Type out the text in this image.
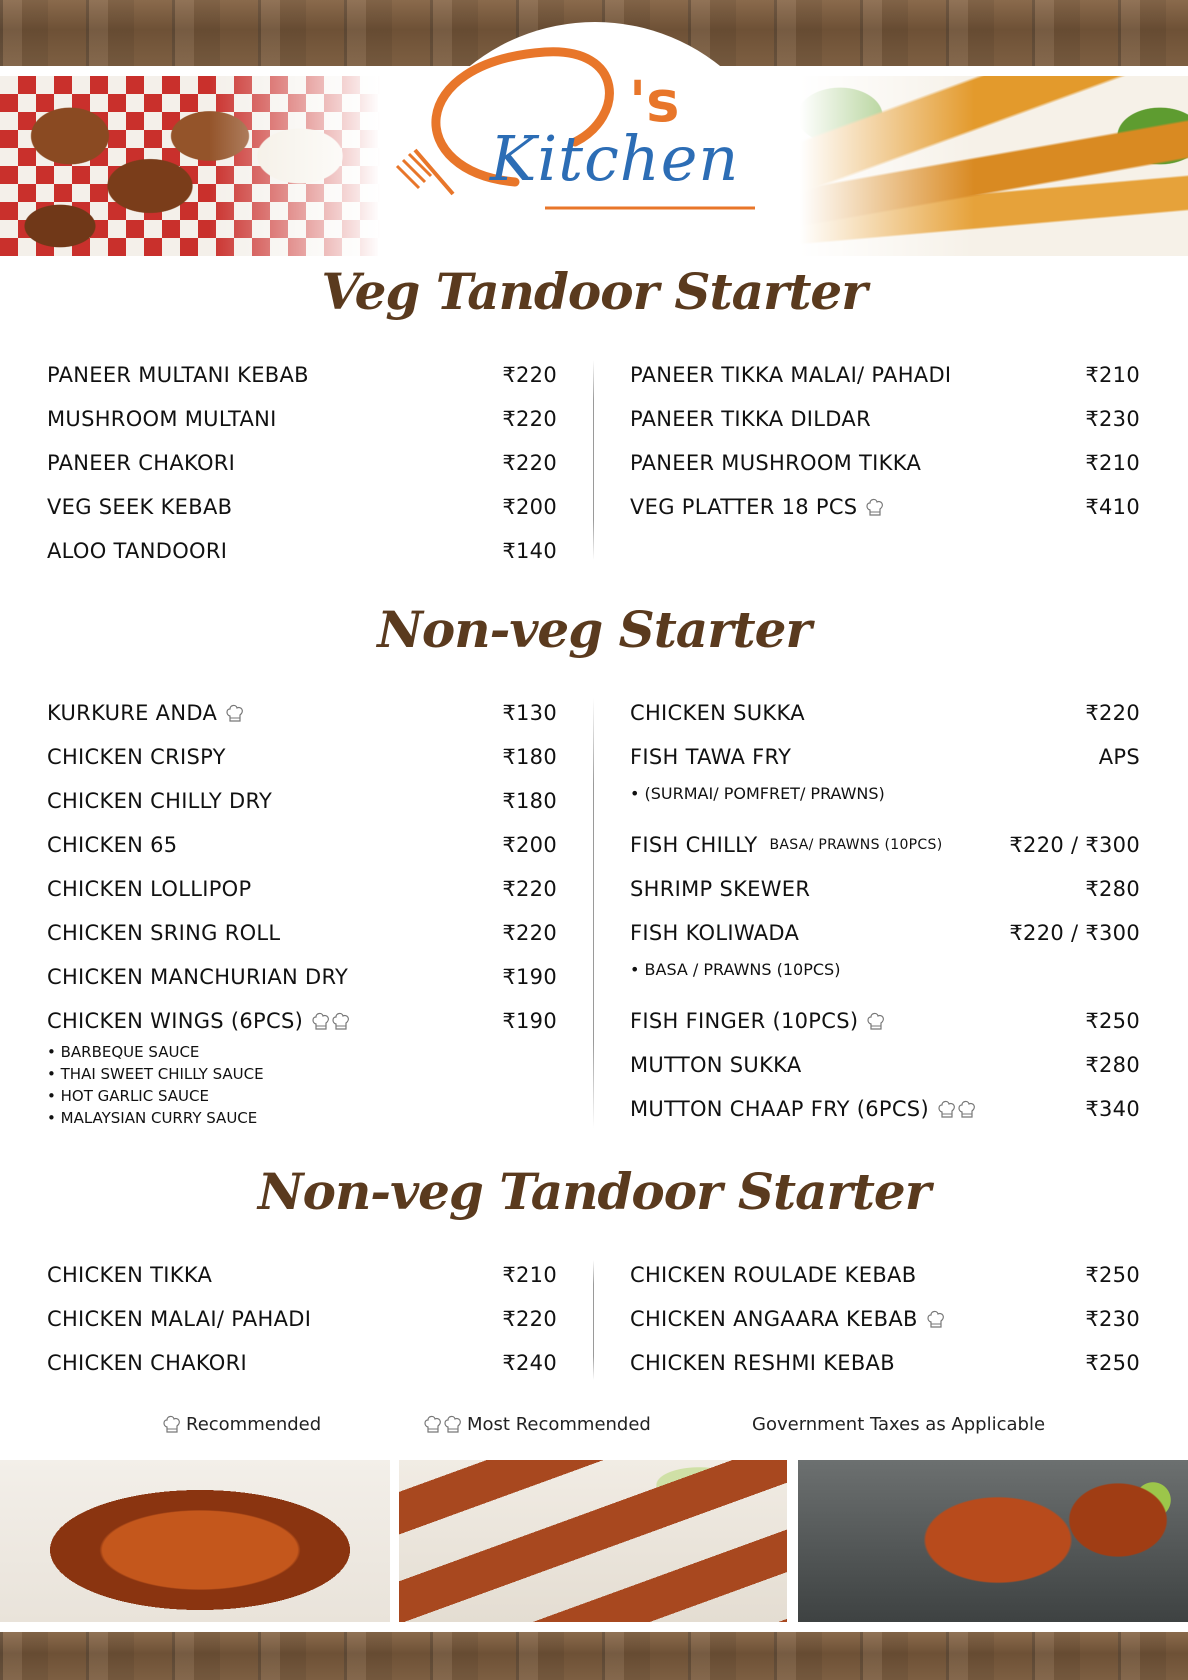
's
Kitchen
Veg Tandoor Starter
PANEER MULTANI KEBAB	₹220
MUSHROOM MULTANI	₹220
PANEER CHAKORI	₹220
VEG SEEK KEBAB	₹200
ALOO TANDOORI	₹140
PANEER TIKKA MALAI/ PAHADI	₹210
PANEER TIKKA DILDAR	₹230
PANEER MUSHROOM TIKKA	₹210
VEG PLATTER 18 PCS	₹410
Non-veg Starter
KURKURE ANDA	₹130
CHICKEN CRISPY	₹180
CHICKEN CHILLY DRY	₹180
CHICKEN 65	₹200
CHICKEN LOLLIPOP	₹220
CHICKEN SRING ROLL	₹220
CHICKEN MANCHURIAN DRY	₹190
CHICKEN WINGS (6PCS)	₹190
• BARBEQUE SAUCE
• THAI SWEET CHILLY SAUCE
• HOT GARLIC SAUCE
• MALAYSIAN CURRY SAUCE
CHICKEN SUKKA	₹220
FISH TAWA FRY	APS
• (SURMAI/ POMFRET/ PRAWNS)
FISH CHILLY BASA/ PRAWNS (10PCS)	₹220 / ₹300
SHRIMP SKEWER	₹280
FISH KOLIWADA	₹220 / ₹300
• BASA / PRAWNS (10PCS)
FISH FINGER (10PCS)	₹250
MUTTON SUKKA	₹280
MUTTON CHAAP FRY (6PCS)	₹340
Non-veg Tandoor Starter
CHICKEN TIKKA	₹210
CHICKEN MALAI/ PAHADI	₹220
CHICKEN CHAKORI	₹240
CHICKEN ROULADE KEBAB	₹250
CHICKEN ANGAARA KEBAB	₹230
CHICKEN RESHMI KEBAB	₹250
Recommended	Most Recommended	Government Taxes as Applicable
